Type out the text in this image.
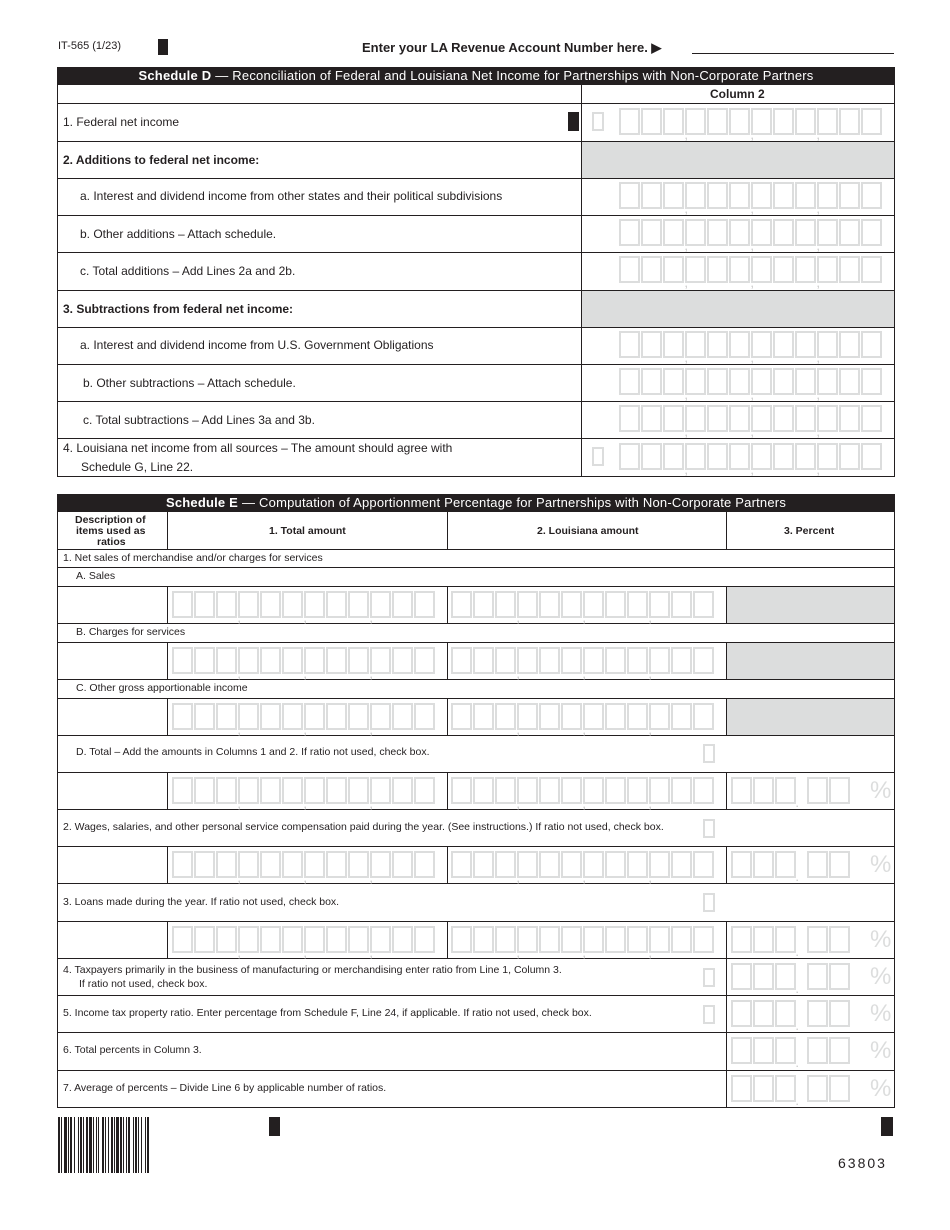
IT-565 (1/23)	Enter your LA Revenue Account Number here. ▶
Schedule D — Reconciliation of Federal and Louisiana Net Income for Partnerships with Non-Corporate Partners
Column 2
1. Federal net income
,
,
,
2. Additions to federal net income:
a. Interest and dividend income from other states and their political subdivisions
,
,
,
b. Other additions – Attach schedule.
,
,
,
c. Total additions – Add Lines 2a and 2b.
,
,
,
3. Subtractions from federal net income:
a. Interest and dividend income from U.S. Government Obligations
,
,
,
b. Other subtractions – Attach schedule.
,
,
,
c. Total subtractions – Add Lines 3a and 3b.
,
,
,
4. Louisiana net income from all sources – The amount should agree with
Schedule G, Line 22.
,
,
,
Schedule E — Computation of Apportionment Percentage for Partnerships with Non-Corporate Partners
Description of
items used as
ratios
1. Total amount	2. Louisiana amount	3. Percent
1. Net sales of merchandise and/or charges for services
A. Sales
,
,
,
,
,
,
B. Charges for services
,
,
,
,
,
,
C. Other gross apportionable income
,
,
,
,
,
,
D. Total – Add the amounts in Columns 1 and 2. If ratio not used, check box.
,
,
,
,
,
,
.
%
2. Wages, salaries, and other personal service compensation paid during the year. (See instructions.) If ratio not used, check box.
,
,
,
,
,
,
.
%
3. Loans made during the year. If ratio not used, check box.
,
,
,
,
,
,
.
%
4. Taxpayers primarily in the business of manufacturing or merchandising enter ratio from Line 1, Column 3.
If ratio not used, check box. .	%
5. Income tax property ratio. Enter percentage from Schedule F, Line 24, if applicable. If ratio not used, check box. .	%
6. Total percents in Column 3. .	%
7. Average of percents – Divide Line 6 by applicable number of ratios. .	%
63803
